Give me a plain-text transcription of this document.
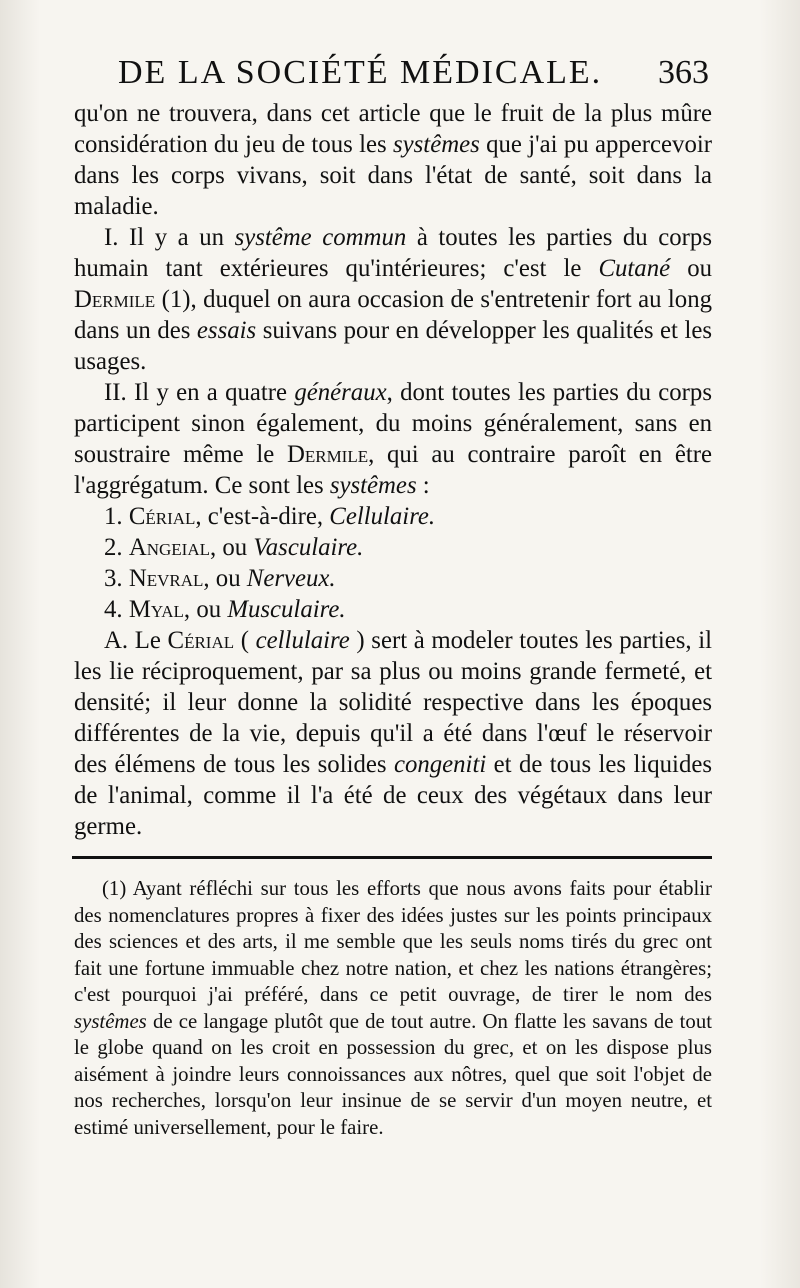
DE LA SOCIÉTÉ MÉDICALE. 363

qu'on ne trouvera, dans cet article que le fruit de la plus mûre considération du jeu de tous les systêmes que j'ai pu appercevoir dans les corps vivans, soit dans l'état de santé, soit dans la maladie.

I. Il y a un systême commun à toutes les parties du corps humain tant extérieures qu'intérieures; c'est le Cutané ou Dermile (1), duquel on aura occasion de s'entretenir fort au long dans un des essais suivans pour en développer les qualités et les usages.

II. Il y en a quatre généraux, dont toutes les parties du corps participent sinon également, du moins généralement, sans en soustraire même le Dermile, qui au contraire paroît en être l'aggrégatum. Ce sont les systêmes :

1. Cérial, c'est-à-dire, Cellulaire.

2. Angeial, ou Vasculaire.

3. Nevral, ou Nerveux.

4. Myal, ou Musculaire.

A. Le Cérial ( cellulaire ) sert à modeler toutes les parties, il les lie réciproquement, par sa plus ou moins grande fermeté, et densité; il leur donne la solidité respective dans les époques différentes de la vie, depuis qu'il a été dans l'œuf le réservoir des élémens de tous les solides congeniti et de tous les liquides de l'animal, comme il l'a été de ceux des végétaux dans leur germe.

(1) Ayant réfléchi sur tous les efforts que nous avons faits pour établir des nomenclatures propres à fixer des idées justes sur les points principaux des sciences et des arts, il me semble que les seuls noms tirés du grec ont fait une fortune immuable chez notre nation, et chez les nations étrangères; c'est pourquoi j'ai préféré, dans ce petit ouvrage, de tirer le nom des systêmes de ce langage plutôt que de tout autre. On flatte les savans de tout le globe quand on les croit en possession du grec, et on les dispose plus aisément à joindre leurs connoissances aux nôtres, quel que soit l'objet de nos recherches, lorsqu'on leur insinue de se servir d'un moyen neutre, et estimé universellement, pour le faire.
